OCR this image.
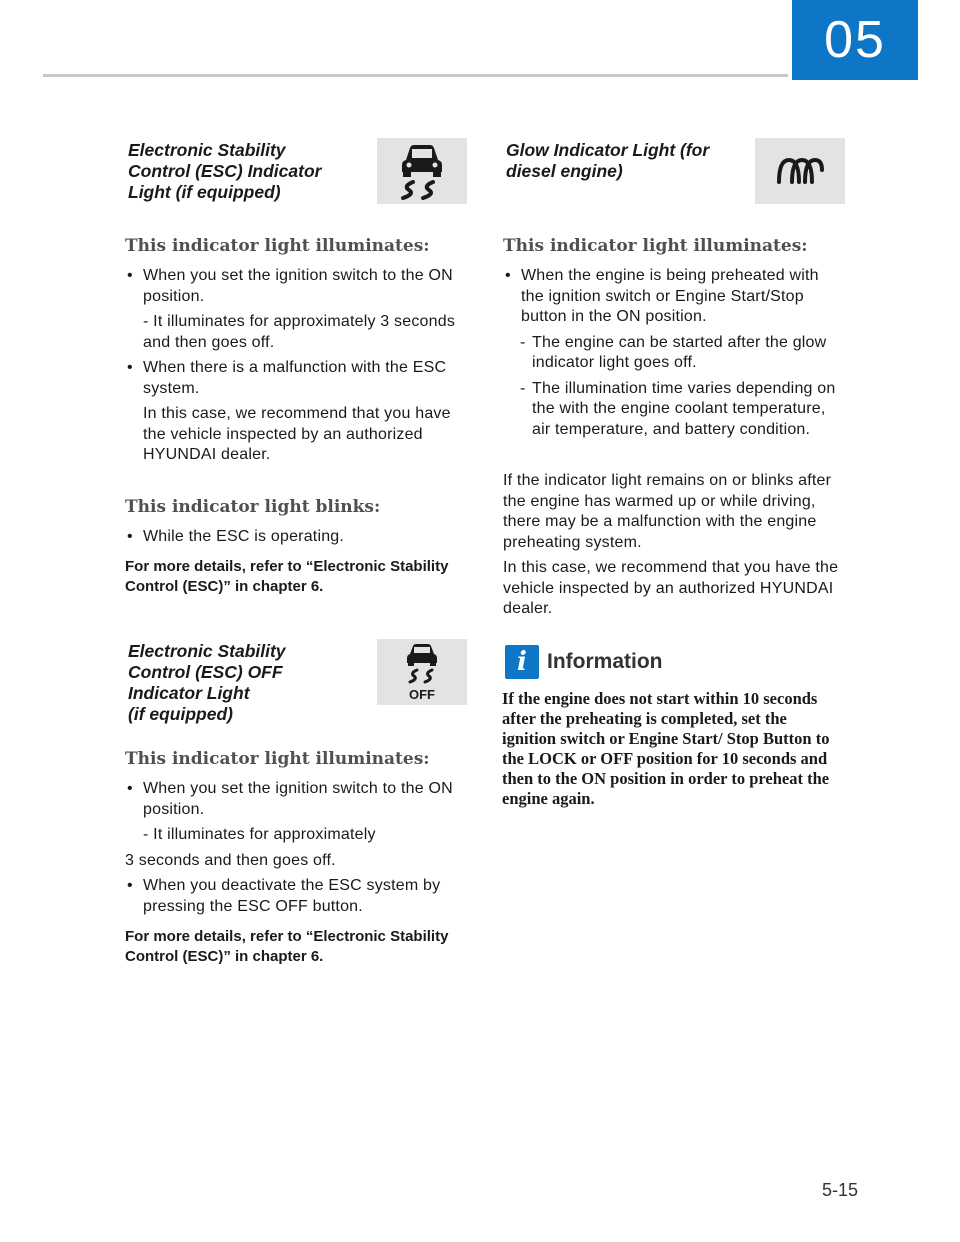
05
Electronic Stability
Control (ESC) Indicator
Light (if equipped)
This indicator light illuminates:
• When you set the ignition switch to the ON position.
- It illuminates for approximately 3 seconds and then goes off.
• When there is a malfunction with the ESC system.
In this case, we recommend that you have the vehicle inspected by an authorized HYUNDAI dealer.
This indicator light blinks:
• While the ESC is operating.
For more details, refer to “Electronic Stability Control (ESC)” in chapter 6.
Electronic Stability
Control (ESC) OFF
Indicator Light
(if equipped)
OFF
This indicator light illuminates:
• When you set the ignition switch to the ON position.
- It illuminates for approximately
3 seconds and then goes off.
• When you deactivate the ESC system by pressing the ESC OFF button.
For more details, refer to “Electronic Stability Control (ESC)” in chapter 6.
Glow Indicator Light (for
diesel engine)
This indicator light illuminates:
• When the engine is being preheated with the ignition switch or Engine Start/Stop button in the ON position.
- The engine can be started after the glow indicator light goes off.
- The illumination time varies depending on the with the engine coolant temperature, air temperature, and battery condition.
If the indicator light remains on or blinks after the engine has warmed up or while driving, there may be a malfunction with the engine preheating system.
In this case, we recommend that you have the vehicle inspected by an authorized HYUNDAI dealer.
i Information
If the engine does not start within 10 seconds after the preheating is completed, set the ignition switch or Engine Start/ Stop Button to the LOCK or OFF position for 10 seconds and then to the ON position in order to preheat the engine again.
5-15
